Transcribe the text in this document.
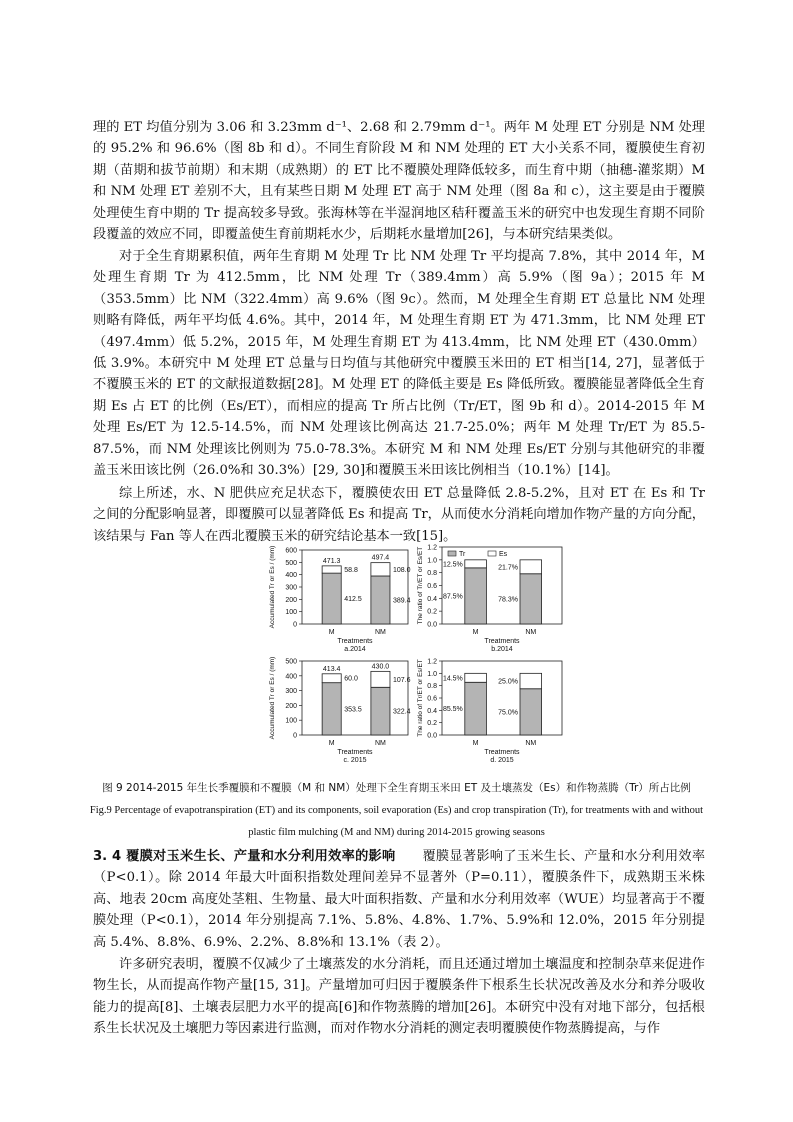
理的 ET 均值分别为 3.06 和 3.23mm d⁻¹、2.68 和 2.79mm d⁻¹。两年 M 处理 ET 分别是 NM 处理的 95.2% 和 96.6%（图 8b 和 d）。不同生育阶段 M 和 NM 处理的 ET 大小关系不同，覆膜使生育初期（苗期和拔节前期）和末期（成熟期）的 ET 比不覆膜处理降低较多，而生育中期（抽穗-灌浆期）M 和 NM 处理 ET 差别不大，且有某些日期 M 处理 ET 高于 NM 处理（图 8a 和 c），这主要是由于覆膜处理使生育中期的 Tr 提高较多导致。张海林等在半湿润地区秸秆覆盖玉米的研究中也发现生育期不同阶段覆盖的效应不同，即覆盖使生育前期耗水少，后期耗水量增加[26]，与本研究结果类似。

对于全生育期累积值，两年生育期 M 处理 Tr 比 NM 处理 Tr 平均提高 7.8%，其中 2014 年，M 处理生育期 Tr 为 412.5mm，比 NM 处理 Tr（389.4mm）高 5.9%（图 9a）；2015 年 M（353.5mm）比 NM（322.4mm）高 9.6%（图 9c）。然而，M 处理全生育期 ET 总量比 NM 处理则略有降低，两年平均低 4.6%。其中，2014 年，M 处理生育期 ET 为 471.3mm，比 NM 处理 ET（497.4mm）低 5.2%，2015 年，M 处理生育期 ET 为 413.4mm，比 NM 处理 ET（430.0mm）低 3.9%。本研究中 M 处理 ET 总量与日均值与其他研究中覆膜玉米田的 ET 相当[14, 27]，显著低于不覆膜玉米的 ET 的文献报道数据[28]。M 处理 ET 的降低主要是 Es 降低所致。覆膜能显著降低全生育期 Es 占 ET 的比例（Es/ET），而相应的提高 Tr 所占比例（Tr/ET，图 9b 和 d）。2014-2015 年 M 处理 Es/ET 为 12.5-14.5%，而 NM 处理该比例高达 21.7-25.0%；两年 M 处理 Tr/ET 为 85.5-87.5%，而 NM 处理该比例则为 75.0-78.3%。本研究 M 和 NM 处理 Es/ET 分别与其他研究的非覆盖玉米田该比例（26.0%和 30.3%）[29, 30]和覆膜玉米田该比例相当（10.1%）[14]。

综上所述，水、N 肥供应充足状态下，覆膜使农田 ET 总量降低 2.8-5.2%，且对 ET 在 Es 和 Tr 之间的分配影响显著，即覆膜可以显著降低 Es 和提高 Tr，从而使水分消耗向增加作物产量的方向分配，该结果与 Fan 等人在西北覆膜玉米的研究结论基本一致[15]。

0
100
200
300
400
500
600
M
471.3
58.8
412.5
NM
497.4
108.0
389.4
Treatments
a.2014
Accumulated Tr or Es / (mm)	0.0
0.2
0.4
0.6
0.8
1.0
1.2
M
12.5%
87.5%
NM
21.7%
78.3%
Treatments
b.2014
The ratio of Tr/ET or Es/ET	Tr	Es
0
100
200
300
400
500
M
413.4
60.0
353.5
NM
430.0
107.6
322.4
Treatments
c. 2015
Accumulated Tr or Es / (mm)	0.0
0.2
0.4
0.6
0.8
1.0
1.2
M
14.5%
85.5%
NM
25.0%
75.0%
Treatments
d. 2015
The ratio of Tr/ET or Es/ET

图 9 2014-2015 年生长季覆膜和不覆膜（M 和 NM）处理下全生育期玉米田 ET 及土壤蒸发（Es）和作物蒸腾（Tr）所占比例

Fig.9 Percentage of evapotranspiration (ET) and its components, soil evaporation (Es) and crop transpiration (Tr), for treatments with and without

plastic film mulching (M and NM) during 2014-2015 growing seasons

3. 4 覆膜对玉米生长、产量和水分利用效率的影响　　 覆膜显著影响了玉米生长、产量和水分利用效率（P<0.1）。除 2014 年最大叶面积指数处理间差异不显著外（P=0.11），覆膜条件下，成熟期玉米株高、地表 20cm 高度处茎粗、生物量、最大叶面积指数、产量和水分利用效率（WUE）均显著高于不覆膜处理（P<0.1），2014 年分别提高 7.1%、5.8%、4.8%、1.7%、5.9%和 12.0%，2015 年分别提高 5.4%、8.8%、6.9%、2.2%、8.8%和 13.1%（表 2）。

许多研究表明，覆膜不仅减少了土壤蒸发的水分消耗，而且还通过增加土壤温度和控制杂草来促进作物生长，从而提高作物产量[15, 31]。产量增加可归因于覆膜条件下根系生长状况改善及水分和养分吸收能力的提高[8]、土壤表层肥力水平的提高[6]和作物蒸腾的增加[26]。本研究中没有对地下部分，包括根系生长状况及土壤肥力等因素进行监测，而对作物水分消耗的测定表明覆膜使作物蒸腾提高，与作
